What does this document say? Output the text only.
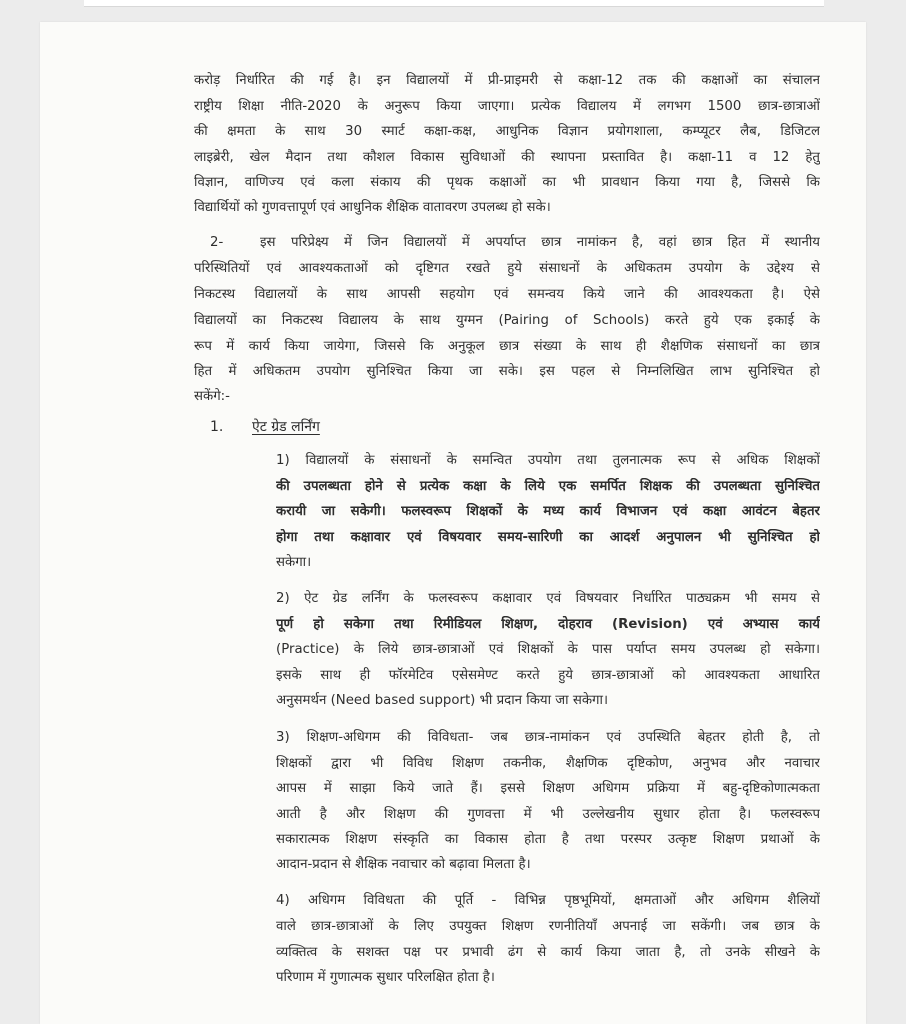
करोड़ निर्धारित की गई है। इन विद्यालयों में प्री-प्राइमरी से कक्षा-12 तक की कक्षाओं का संचालन
राष्ट्रीय शिक्षा नीति-2020 के अनुरूप किया जाएगा। प्रत्येक विद्यालय में लगभग 1500 छात्र-छात्राओं
की क्षमता के साथ 30 स्मार्ट कक्षा-कक्ष, आधुनिक विज्ञान प्रयोगशाला, कम्प्यूटर लैब, डिजिटल
लाइब्रेरी, खेल मैदान तथा कौशल विकास सुविधाओं की स्थापना प्रस्तावित है। कक्षा-11 व 12 हेतु
विज्ञान, वाणिज्य एवं कला संकाय की पृथक कक्षाओं का भी प्रावधान किया गया है, जिससे कि
विद्यार्थियों को गुणवत्तापूर्ण एवं आधुनिक शैक्षिक वातावरण उपलब्ध हो सके।
2-	इस परिप्रेक्ष्य में जिन विद्यालयों में अपर्याप्त छात्र नामांकन है, वहां छात्र हित में स्थानीय
परिस्थितियों एवं आवश्यकताओं को दृष्टिगत रखते हुये संसाधनों के अधिकतम उपयोग के उद्देश्य से
निकटस्थ विद्यालयों के साथ आपसी सहयोग एवं समन्वय किये जाने की आवश्यकता है। ऐसे
विद्यालयों का निकटस्थ विद्यालय के साथ युग्मन (Pairing of Schools) करते हुये एक इकाई के
रूप में कार्य किया जायेगा, जिससे कि अनुकूल छात्र संख्या के साथ ही शैक्षणिक संसाधनों का छात्र
हित में अधिकतम उपयोग सुनिश्चित किया जा सके। इस पहल से निम्नलिखित लाभ सुनिश्चित हो
सकेंगे:-
1. ऐट ग्रेड लर्निंग
1) विद्यालयों के संसाधनों के समन्वित उपयोग तथा तुलनात्मक रूप से अधिक शिक्षकों
की उपलब्धता होने से प्रत्येक कक्षा के लिये एक समर्पित शिक्षक की उपलब्धता सुनिश्चित
करायी जा सकेगी। फलस्वरूप शिक्षकों के मध्य कार्य विभाजन एवं कक्षा आवंटन बेहतर
होगा तथा कक्षावार एवं विषयवार समय-सारिणी का आदर्श अनुपालन भी सुनिश्चित हो
सकेगा।
2) ऐट ग्रेड लर्निंग के फलस्वरूप कक्षावार एवं विषयवार निर्धारित पाठ्यक्रम भी समय से
पूर्ण हो सकेगा तथा रिमीडियल शिक्षण, दोहराव (Revision) एवं अभ्यास कार्य
(Practice) के लिये छात्र-छात्राओं एवं शिक्षकों के पास पर्याप्त समय उपलब्ध हो सकेगा।
इसके साथ ही फॉरमेटिव एसेसमेण्ट करते हुये छात्र-छात्राओं को आवश्यकता आधारित
अनुसमर्थन (Need based support) भी प्रदान किया जा सकेगा।
3) शिक्षण-अधिगम की विविधता- जब छात्र-नामांकन एवं उपस्थिति बेहतर होती है, तो
शिक्षकों द्वारा भी विविध शिक्षण तकनीक, शैक्षणिक दृष्टिकोण, अनुभव और नवाचार
आपस में साझा किये जाते हैं। इससे शिक्षण अधिगम प्रक्रिया में बहु-दृष्टिकोणात्मकता
आती है और शिक्षण की गुणवत्ता में भी उल्लेखनीय सुधार होता है। फलस्वरूप
सकारात्मक शिक्षण संस्कृति का विकास होता है तथा परस्पर उत्कृष्ट शिक्षण प्रथाओं के
आदान-प्रदान से शैक्षिक नवाचार को बढ़ावा मिलता है।
4) अधिगम विविधता की पूर्ति - विभिन्न पृष्ठभूमियों, क्षमताओं और अधिगम शैलियों
वाले छात्र-छात्राओं के लिए उपयुक्त शिक्षण रणनीतियाँ अपनाई जा सकेंगी। जब छात्र के
व्यक्तित्व के सशक्त पक्ष पर प्रभावी ढंग से कार्य किया जाता है, तो उनके सीखने के
परिणाम में गुणात्मक सुधार परिलक्षित होता है।
